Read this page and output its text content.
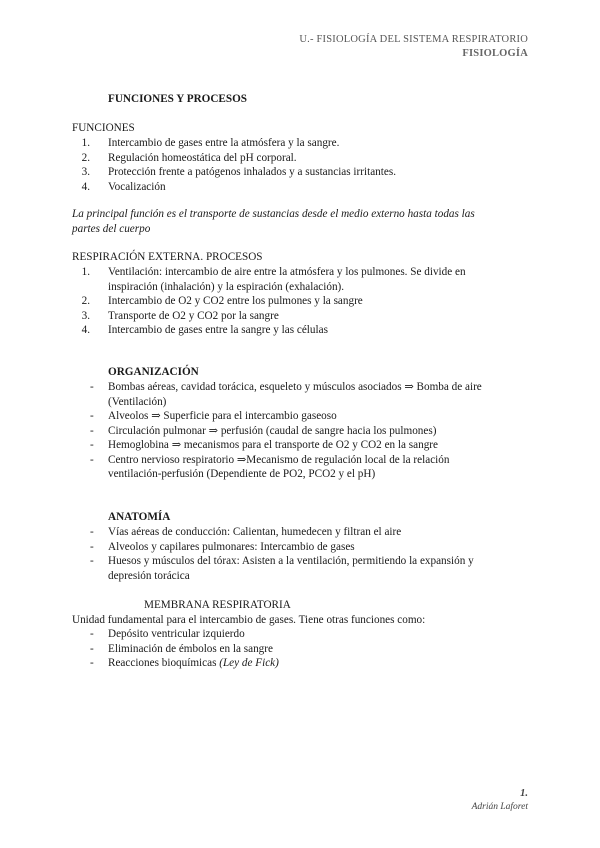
U.- FISIOLOGÍA DEL SISTEMA RESPIRATORIO
FISIOLOGÍA
FUNCIONES Y PROCESOS
FUNCIONES
1. Intercambio de gases entre la atmósfera y la sangre.
2. Regulación homeostática del pH corporal.
3. Protección frente a patógenos inhalados y a sustancias irritantes.
4. Vocalización
La principal función es el transporte de sustancias desde el medio externo hasta todas las
partes del cuerpo
RESPIRACIÓN EXTERNA. PROCESOS
1. Ventilación: intercambio de aire entre la atmósfera y los pulmones. Se divide en
inspiración (inhalación) y la espiración (exhalación).
2. Intercambio de O2 y CO2 entre los pulmones y la sangre
3. Transporte de O2 y CO2 por la sangre
4. Intercambio de gases entre la sangre y las células
ORGANIZACIÓN
- Bombas aéreas, cavidad torácica, esqueleto y músculos asociados ⇒ Bomba de aire
(Ventilación)
- Alveolos ⇒ Superficie para el intercambio gaseoso
- Circulación pulmonar ⇒ perfusión (caudal de sangre hacia los pulmones)
- Hemoglobina ⇒ mecanismos para el transporte de O2 y CO2 en la sangre
- Centro nervioso respiratorio ⇒Mecanismo de regulación local de la relación
ventilación-perfusión (Dependiente de PO2, PCO2 y el pH)
ANATOMÍA
- Vías aéreas de conducción: Calientan, humedecen y filtran el aire
- Alveolos y capilares pulmonares: Intercambio de gases
- Huesos y músculos del tórax: Asisten a la ventilación, permitiendo la expansión y
depresión torácica
MEMBRANA RESPIRATORIA
Unidad fundamental para el intercambio de gases. Tiene otras funciones como:
- Depósito ventricular izquierdo
- Eliminación de émbolos en la sangre
- Reacciones bioquímicas (Ley de Fick)
1.
Adrián Laforet
